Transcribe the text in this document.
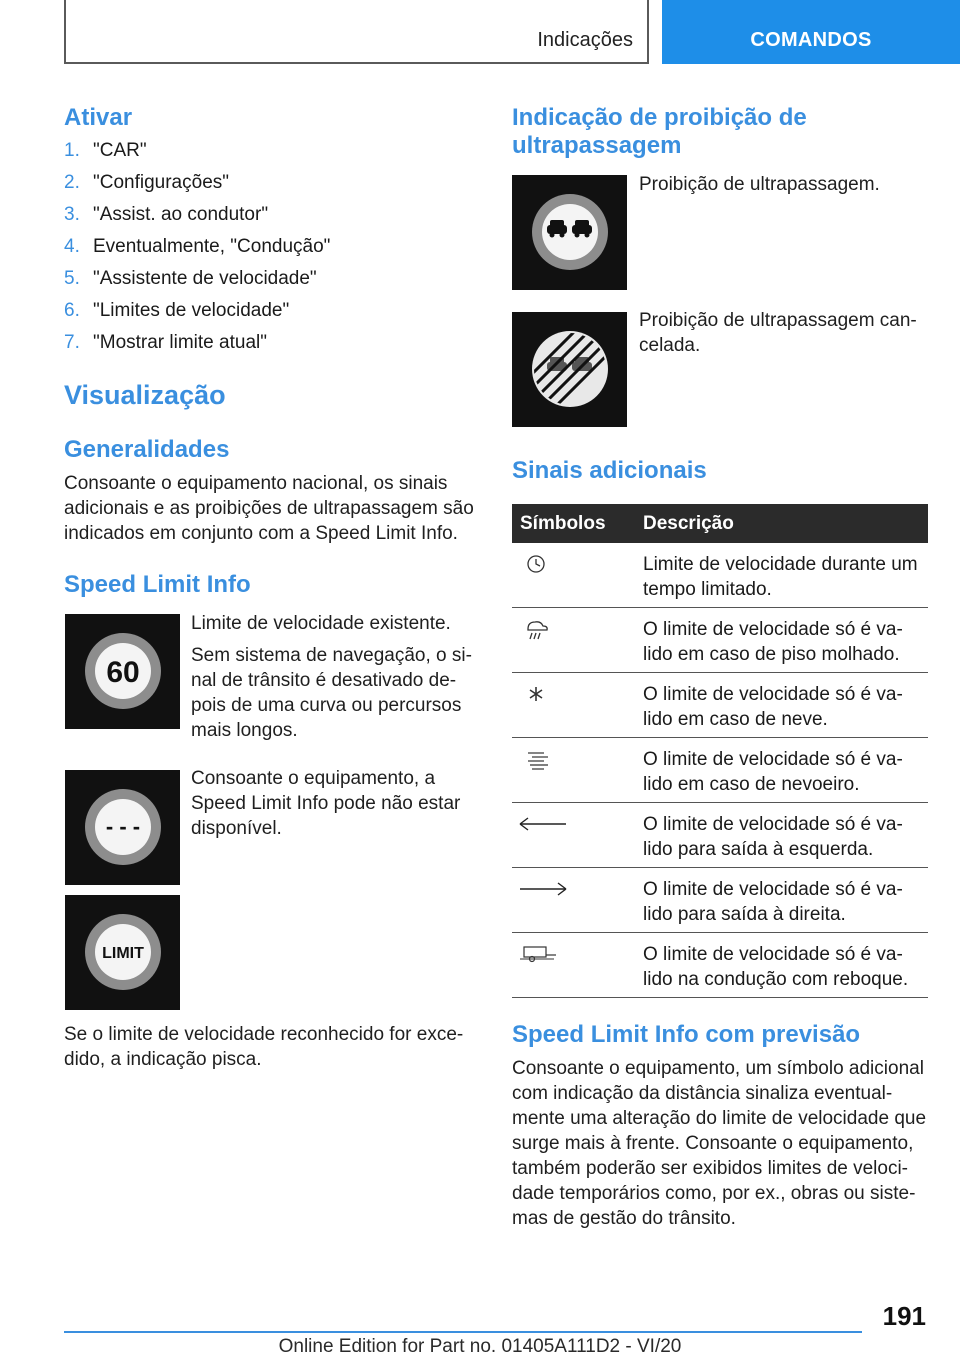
Indicações	COMANDOS
Ativar
1. "CAR"
2. "Configurações"
3. "Assist. ao condutor"
4. Eventualmente, "Condução"
5. "Assistente de velocidade"
6. "Limites de velocidade"
7. "Mostrar limite atual"
Visualização
Generalidades
Consoante o equipamento nacional, os sinais adicionais e as proibições de ultrapassagem são indicados em conjunto com a Speed Limit Info.
Speed Limit Info
60
Limite de velocidade existente.
Sem sistema de navegação, o si-nal de trânsito é desativado de-pois de uma curva ou percursos mais longos.
- - -
Consoante o equipamento, a Speed Limit Info pode não estar disponível.
LIMIT
Se o limite de velocidade reconhecido for exce-dido, a indicação pisca.
Indicação de proibição de
ultrapassagem
Proibição de ultrapassagem.
Proibição de ultrapassagem can-celada.
Sinais adicionais
Símbolos Descrição
Limite de velocidade durante um tempo limitado.
O limite de velocidade só é va-lido em caso de piso molhado.
O limite de velocidade só é va-lido em caso de neve.
O limite de velocidade só é va-lido em caso de nevoeiro.
O limite de velocidade só é va-lido para saída à esquerda.
O limite de velocidade só é va-lido para saída à direita.
O limite de velocidade só é va-lido na condução com reboque.
Speed Limit Info com previsão
Consoante o equipamento, um símbolo adicional com indicação da distância sinaliza eventual-mente uma alteração do limite de velocidade que surge mais à frente. Consoante o equipamento, também poderão ser exibidos limites de veloci-dade temporários como, por ex., obras ou siste-mas de gestão do trânsito.
191
Online Edition for Part no. 01405A111D2 - VI/20
